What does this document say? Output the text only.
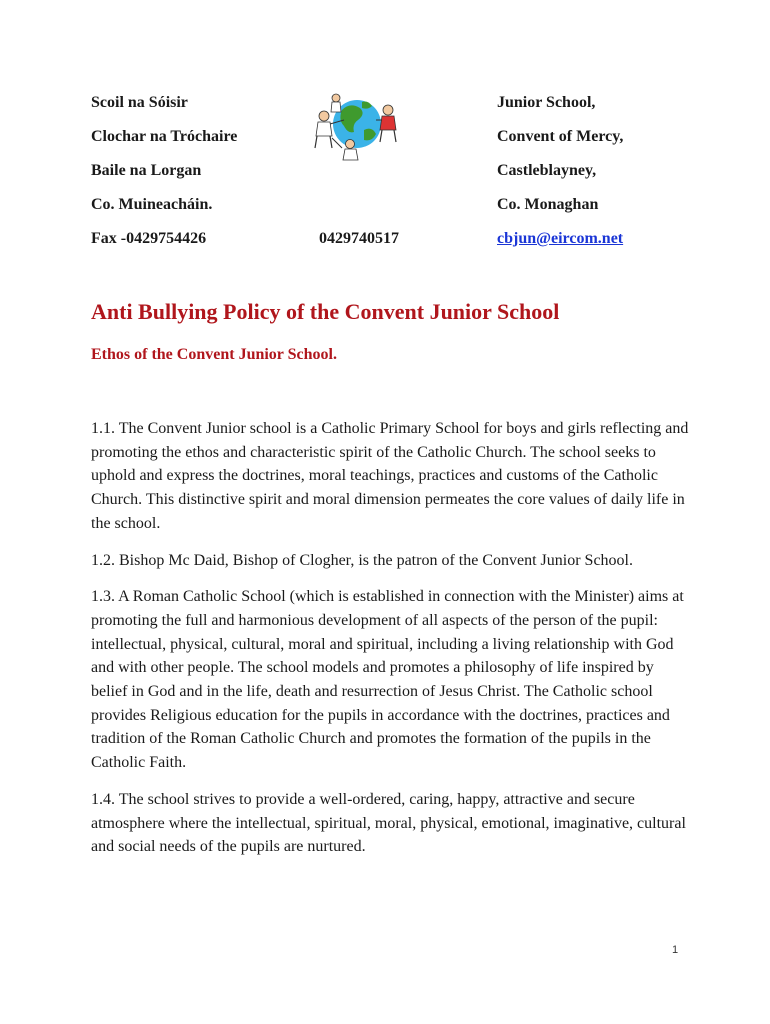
Scoil na Sóisir
Clochar na Tróchaire
Baile na Lorgan
Co. Muineacháin.
Fax -0429754426	0429740517
Junior School,
Convent of Mercy,
Castleblayney,
Co. Monaghan
cbjun@eircom.net
Anti Bullying Policy of the Convent Junior School
Ethos of the Convent Junior School.

1.1. The Convent Junior school is a Catholic Primary School for boys and girls reflecting and promoting the ethos and characteristic spirit of the Catholic Church. The school seeks to uphold and express the doctrines, moral teachings, practices and customs of the Catholic Church. This distinctive spirit and moral dimension permeates the core values of daily life in the school.

1.2. Bishop Mc Daid, Bishop of Clogher, is the patron of the Convent Junior School.

1.3. A Roman Catholic School (which is established in connection with the Minister) aims at promoting the full and harmonious development of all aspects of the person of the pupil: intellectual, physical, cultural, moral and spiritual, including a living relationship with God and with other people. The school models and promotes a philosophy of life inspired by belief in God and in the life, death and resurrection of Jesus Christ. The Catholic school provides Religious education for the pupils in accordance with the doctrines, practices and tradition of the Roman Catholic Church and promotes the formation of the pupils in the Catholic Faith.

1.4. The school strives to provide a well-ordered, caring, happy, attractive and secure atmosphere where the intellectual, spiritual, moral, physical, emotional, imaginative, cultural and social needs of the pupils are nurtured.

1
